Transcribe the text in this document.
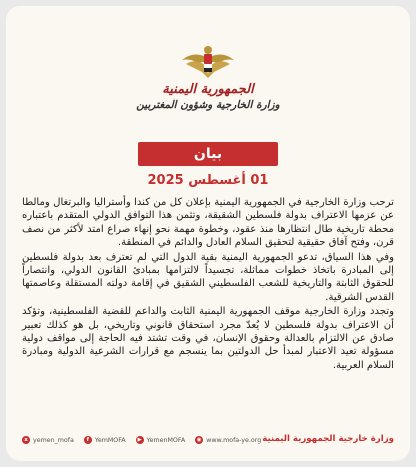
الجمهورية اليمنية
وزارة الخارجية وشؤون المغتربين
بيان
01 أغسطس 2025

ترحب وزارة الخارجية في الجمهورية اليمنية بإعلان كل من كندا وأستراليا والبرتغال ومالطا عن عزمها الاعتراف بدولة فلسطين الشقيقة، وتثمن هذا التوافق الدولي المتقدم باعتباره محطة تاريخية طال انتظارها منذ عقود، وخطوة مهمة نحو إنهاء صراع امتد لأكثر من نصف قرن، وفتح آفاق حقيقية لتحقيق السلام العادل والدائم في المنطقة.

وفي هذا السياق، تدعو الجمهورية اليمنية بقية الدول التي لم تعترف بعد بدولة فلسطين إلى المبادرة باتخاذ خطوات مماثلة، تجسيداً لالتزامها بمبادئ القانون الدولي، وانتصاراً للحقوق الثابتة والتاريخية للشعب الفلسطيني الشقيق في إقامة دولته المستقلة وعاصمتها القدس الشرقية.

وتجدد وزارة الخارجية موقف الجمهورية اليمنية الثابت والداعم للقضية الفلسطينية، وتؤكد أن الاعتراف بدولة فلسطين لا يُعدّ مجرد استحقاق قانوني وتاريخي، بل هو كذلك تعبير صادق عن الالتزام بالعدالة وحقوق الإنسان، في وقت تشتد فيه الحاجة إلى مواقف دولية مسؤولة تعيد الاعتبار لمبدأ حل الدولتين بما ينسجم مع قرارات الشرعية الدولية ومبادرة السلام العربية.

وزارة خارجية الجمهورية اليمنية
x yemen_mofa	f YemMOFA	▶ YemenMOFA ◉ www.mofa-ye.org
